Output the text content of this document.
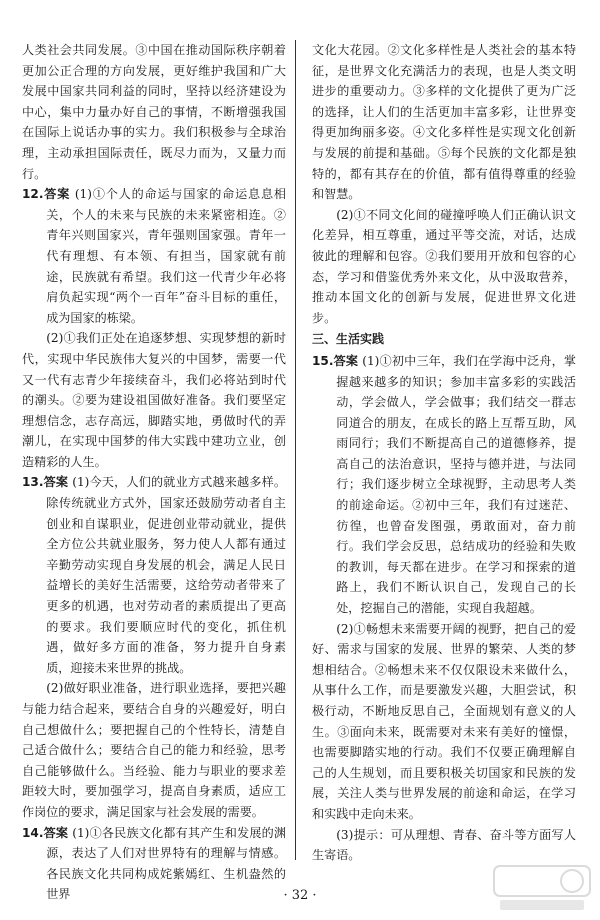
人类社会共同发展。③中国在推动国际秩序朝着更加公正合理的方向发展，更好维护我国和广大发展中国家共同利益的同时，坚持以经济建设为中心，集中力量办好自己的事情，不断增强我国在国际上说话办事的实力。我们积极参与全球治理，主动承担国际责任，既尽力而为，又量力而行。

12.答案 (1)①个人的命运与国家的命运息息相关，个人的未来与民族的未来紧密相连。②青年兴则国家兴，青年强则国家强。青年一代有理想、有本领、有担当，国家就有前途，民族就有希望。我们这一代青少年必将肩负起实现“两个一百年”奋斗目标的重任，成为国家的栋梁。

(2)①我们正处在追逐梦想、实现梦想的新时代，实现中华民族伟大复兴的中国梦，需要一代又一代有志青少年接续奋斗，我们必将站到时代的潮头。②要为建设祖国做好准备。我们要坚定理想信念，志存高远，脚踏实地，勇做时代的弄潮儿，在实现中国梦的伟大实践中建功立业，创造精彩的人生。

13.答案 (1)今天，人们的就业方式越来越多样。除传统就业方式外，国家还鼓励劳动者自主创业和自谋职业，促进创业带动就业，提供全方位公共就业服务，努力使人人都有通过辛勤劳动实现自身发展的机会，满足人民日益增长的美好生活需要，这给劳动者带来了更多的机遇，也对劳动者的素质提出了更高的要求。我们要顺应时代的变化，抓住机遇，做好多方面的准备，努力提升自身素质，迎接未来世界的挑战。

(2)做好职业准备，进行职业选择，要把兴趣与能力结合起来，要结合自身的兴趣爱好，明白自己想做什么；要把握自己的个性特长，清楚自己适合做什么；要结合自己的能力和经验，思考自己能够做什么。当经验、能力与职业的要求差距较大时，要加强学习，提高自身素质，适应工作岗位的要求，满足国家与社会发展的需要。

14.答案 (1)①各民族文化都有其产生和发展的渊源，表达了人们对世界特有的理解与情感。各民族文化共同构成姹紫嫣红、生机盎然的世界

文化大花园。②文化多样性是人类社会的基本特征，是世界文化充满活力的表现，也是人类文明进步的重要动力。③多样的文化提供了更为广泛的选择，让人们的生活更加丰富多彩，让世界变得更加绚丽多姿。④文化多样性是实现文化创新与发展的前提和基础。⑤每个民族的文化都是独特的，都有其存在的价值，都有值得尊重的经验和智慧。

(2)①不同文化间的碰撞呼唤人们正确认识文化差异，相互尊重，通过平等交流，对话，达成彼此的理解和包容。②我们要用开放和包容的心态，学习和借鉴优秀外来文化，从中汲取营养，推动本国文化的创新与发展，促进世界文化进步。

三、生活实践

15.答案 (1)①初中三年，我们在学海中泛舟，掌握越来越多的知识；参加丰富多彩的实践活动，学会做人，学会做事；我们结交一群志同道合的朋友，在成长的路上互帮互助，风雨同行；我们不断提高自己的道德修养，提高自己的法治意识，坚持与德并进，与法同行；我们逐步树立全球视野，主动思考人类的前途命运。②初中三年，我们有过迷茫、彷徨，也曾奋发图强，勇敢面对，奋力前行。我们学会反思，总结成功的经验和失败的教训，每天都在进步。在学习和探索的道路上，我们不断认识自己，发现自己的长处，挖掘自己的潜能，实现自我超越。

(2)①畅想未来需要开阔的视野，把自己的爱好、需求与国家的发展、世界的繁荣、人类的梦想相结合。②畅想未来不仅仅限设未来做什么，从事什么工作，而是要激发兴趣，大胆尝试，积极行动，不断地反思自己，全面规划有意义的人生。③面向未来，既需要对未来有美好的憧憬，也需要脚踏实地的行动。我们不仅要正确理解自己的人生规划，而且要积极关切国家和民族的发展，关注人类与世界发展的前途和命运，在学习和实践中走向未来。

(3)提示：可从理想、青春、奋斗等方面写人生寄语。

· 32 ·
